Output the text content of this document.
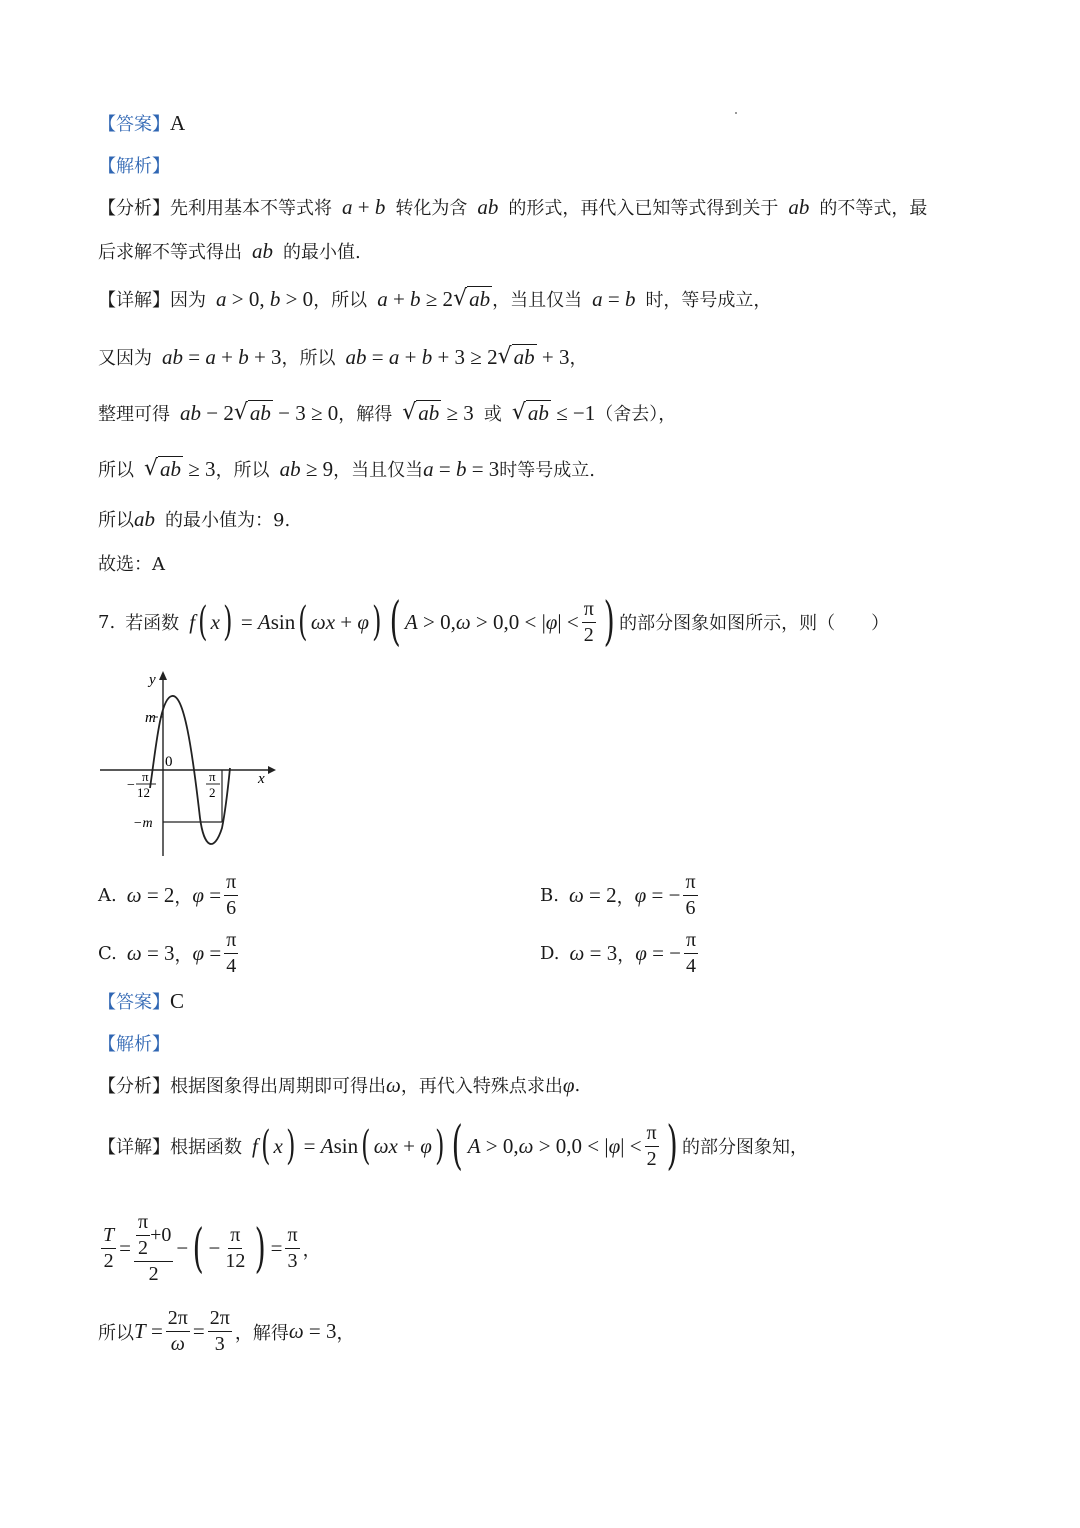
【答案】 A
【解析】
【分析】 先利用基本不等式将 a + b 转化为含 ab 的形式，再代入已知等式得到关于 ab 的不等式，最
后求解不等式得出 ab 的最小值.
【详解】 因为 a > 0, b > 0 ，所以 a + b ≥ 2 √ ab ，当且仅当 a = b 时，等号成立，
又因为 ab = a + b + 3 ，所以 ab = a + b + 3 ≥ 2 √ ab + 3 ，
整理可得 ab − 2 √ ab − 3 ≥ 0 ，解得 √ ab ≥ 3 或 √ ab ≤ −1 （舍去），
所以 √ ab ≥ 3 ，所以 ab ≥ 9 ，当且仅当 a = b = 3 时等号成立.
所以 ab 的最小值为：9.
故选：A
7. 若函数 f ( x ) = A sin ( ωx + φ ) ( A > 0, ω > 0,0 < | φ | < $\frac{\pi}{2}$ ) 的部分图象如图所示，则（　　）
y
x
m
−m
0
−
π
12
π
2
A. ω = 2 ， $\varphi = \frac{\pi}{6}$	B. ω = 2 ， φ = − $\frac{\pi}{6}$
C. ω = 3 ， $\varphi = \frac{\pi}{4}$	D. ω = 3 ， φ = − $\frac{\pi}{4}$
【答案】 C
【解析】
【分析】 根据图象得出周期即可得出 ω ，再代入特殊点求出 φ .
【详解】 根据函数 f ( x ) = A sin ( ωx + φ ) ( A > 0, ω > 0,0 < | φ | < $\frac{\pi}{2}$ ) 的部分图象知，
$\frac{T}{2} = \frac{\frac{\pi}{2} +0}{2}$ − ( − $\frac{\pi}{12}$ ) = $\frac{\pi}{3}$ ，
所以 $T = \frac{2\pi}{\omega} = \frac{2\pi}{3}$ ，解得 ω = 3 ，
